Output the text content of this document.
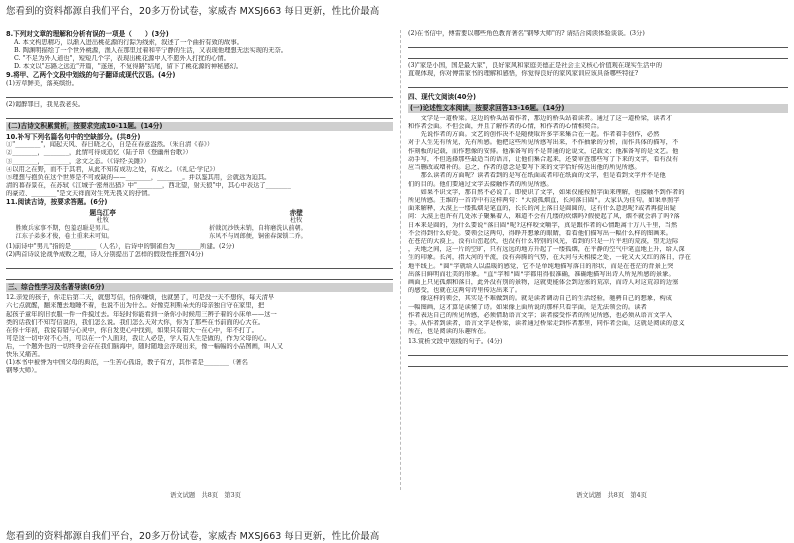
您看到的资料都源自我们平台，20多万份试卷，家威杏 MXSJ663 每日更新，性比价最高
8.下列对文章的理解和分析有误的一项是（　　）(3分)
A. 本文构思精巧，以渐入进出桃花源的行踪为线索，叙述了一个曲折有致的故事。
B. 陶渊明描绘了一个世外桃源，渔人在那里过着和平宁静的生活，又表现他理想无法实现的无奈。
C. "不足为外人道也"，短短几个字，表现出桃花源中人不愿外人打扰的心情。
D. 本文以"忘路之远近"开篇，"遂迷，不复得路"结尾，留下了桃花源的神秘感幻。
9.将甲、乙两个文段中划线的句子翻译成现代汉语。(4分)
(1)芳草鲜美，落英缤纷。
(2)谒醉罪曰，我见我老矣。
(二)古诗文积累赏析，按要求完成10-11题。(14分)
10.补写下列名篇名句中的空缺部分。(共8分)
①"________"，闻起天风、春日晓之心，自是在春意盎然。（朱自清《春》）
②________，________，此情可待成追忆（陆子昂《登幽州台歌》）
③________，________，念文之态。（《诗经·关雎》）
④以用之在野，而不于其君，从此不知有成功之处，有成之。（《礼记·学记》）
⑤理想与抱负在这个世界是不可或缺的——________，________。并以鉴其用，会就远为迫其。
清的暮春景在，在苏轼《江城子·密州出猎》中"________，西北望，射天狼"中，其心中表达了________
的豪迈、________"是文天祥面对生死无畏义的抒情。
11.阅读古诗，按要求答题。(6分)
题乌江亭
杜牧
胜败兵家事不期，包羞忍耻是男儿。
江东子弟多才俊，卷土重来未可知。
赤壁
杜牧
折戟沉沙铁未销，自将磨洗认前朝。
东风不与周郎便，铜雀春深锁二乔。
(1)前诗中"男儿"指的是________（人名），后诗中的铜雀台为________所建。(2分)
(2)两首诗议论战争成败之理，诗人分别提出了怎样的假设性推想?(4分)
三、综合性学习及名著导读(6分)
12.亲爱的孩子，你走后第二天，就想写信，怕你嫌烦，也就罢了，可是没一天不想你，每天清早
六七点就醒，翻来覆去地睡不着，也说不出为什么。好像克利斯朵夫的母亲独自守在家里，把
起孩子童年的旧衣服一件一件摸过去。年轻时你能看到一条你小时候用三辨子着的小床单——这一
类的话我们不知写信说的，我们怎么说。我们怎么天对大你，你为了那些在书前面的心大在。
在你十年初，我说有错与心灵中，你自发更心中找到，如果只有错大一在心中，年不打了。
可是这一切中对不心当，可以在一个人面对，我让人必是，学人有人生是做的，作为父母的心。
后，一个题外也的一切终身会存在我们脑海中，随时随地会浮现出来，像一幅幅的小品图画，叫人又
快乐又痛苦。
(1)本书中被誉为中国父母的典范，一生苦心孤诣，教子有方，其作者是________（著名
钢琴大师）。
(2)在书信中，傅雷要以哪些角色教育著名"钢琴大师"的? 请结合阅读体验谈谈。(3分)
(3)"家是小国，国是最大家"，良好家风和家庭美德正是社会主义核心价值观在现实生活中的
直观体现，你对傅雷家书的理解和感悟，你觉得良好的家风家训应该具备哪些特征?
四、现代文阅读(40分)
(一)论述性文本阅读，按要求回答13-16题。(14分)
　　文学是一道桥梁。这边的桥头站着作者，那边的桥头站着读者。通过了这一道桥梁，读者才
和作者会面。不但会面，并且了解作者的心情，和作者的心情相契合。
　　先说作者的方面。文艺的创作决不是随便取许多字来集合在一起。作者着手创作，必然
对于人生先有所见，先有所感。他把这些所见所感写出来，不作抽象的分析，而作具体的描写，不
作刻板的记载，而作想像的安排。他准备写的不是普通的论说文，记载文；他准备写的是文艺。他
动手写，不但选择那些最适当的语言，让他们集合起来，还要审查那些写了下来的文字，看有没有
应当删改或增补的。总之，作者的意念是要写下来的文字恰好传达出他的所见所感。
　　那么读者的方面呢？读者看到的是写在纸面或者印在纸面的文字，但是看到文字并不是他
们的目的。他们要通过文字去接触作者的所见所感。
　　如果不识文字，那自然不必说了。即使识了文字，如果仅能按照字面来理解，也接触不到作者的
所见所感。王维的一首诗中有这样两句："大漠孤烟直，长河落日圆"。大家认为佳句。如果单照字
面来解释，大漠上一缕孤烟是笔直的，长长的河上落日是圆圆的，这有什么意思呢?或者再提出疑
问：大漠上也许有几处冰子聚集着人，难道不会有几缕的炊烟吗?假使起了风，烟不就会斜了吗?落
日本来是圆的，为什么要说"落日圆"呢?这样咬文嚼字，真是跟作者的心情距离十万八千里，当然
不会得到什么好处。要领会这两句，得睁开想象的眼睛，看看他们描写出一幅什么样的图画来。
在苍茫的大漠上，没有山峦起伏，也没有什么特别的风光，看到的只是一片平坦的荒漠，望无边际
，天地之间，这一片的空旷，只有远远的地方升起了一缕孤烟，在平静的空气中笔直地上升，给人深
生的印象。长河，指大河的平流，没有奔腾的气势，在大河与天相接之处，一轮又大又红的落日，浮在
地平线上。"圆"字就给人以温暖的感觉，它不是单纯地描写落日的形状，而是在苍茫的背景上突
出落日鲜明而壮美的形象。"直"字和"圆"字都用得很准确，准确地描写出诗人所见所感的景象。
画面上只见孤烟和落日，此外没有别的景物，这就更能体会到边塞的荒凉，而诗人对这荒凉的边塞
的感受，也就在这两句诗里传达出来了。
　　像这样的领会，其实是不难做到的。就是读者调动自己的生活经验，驰骋自己的想象，构成
一幅图画，这才算是读懂了诗。如果像上面所说的那样只看字面，是无法领会的。读者
作者表达自己的所见所感，必须借助语言文字；读者接受作者的所见所感，也必须从语言文字入
手。从作者到读者，语言文字是桥梁，读者通过桥梁走到作者那里，同作者会面，这就是阅读的意义
所在，也是阅读的乐趣所在。
13.赏析文段中划线的句子。(4分)
语文试题　共8页　第3页	语文试题　共8页　第4页
您看到的资料都源自我们平台，20多万份试卷，家威杏 MXSJ663 每日更新，性比价最高
